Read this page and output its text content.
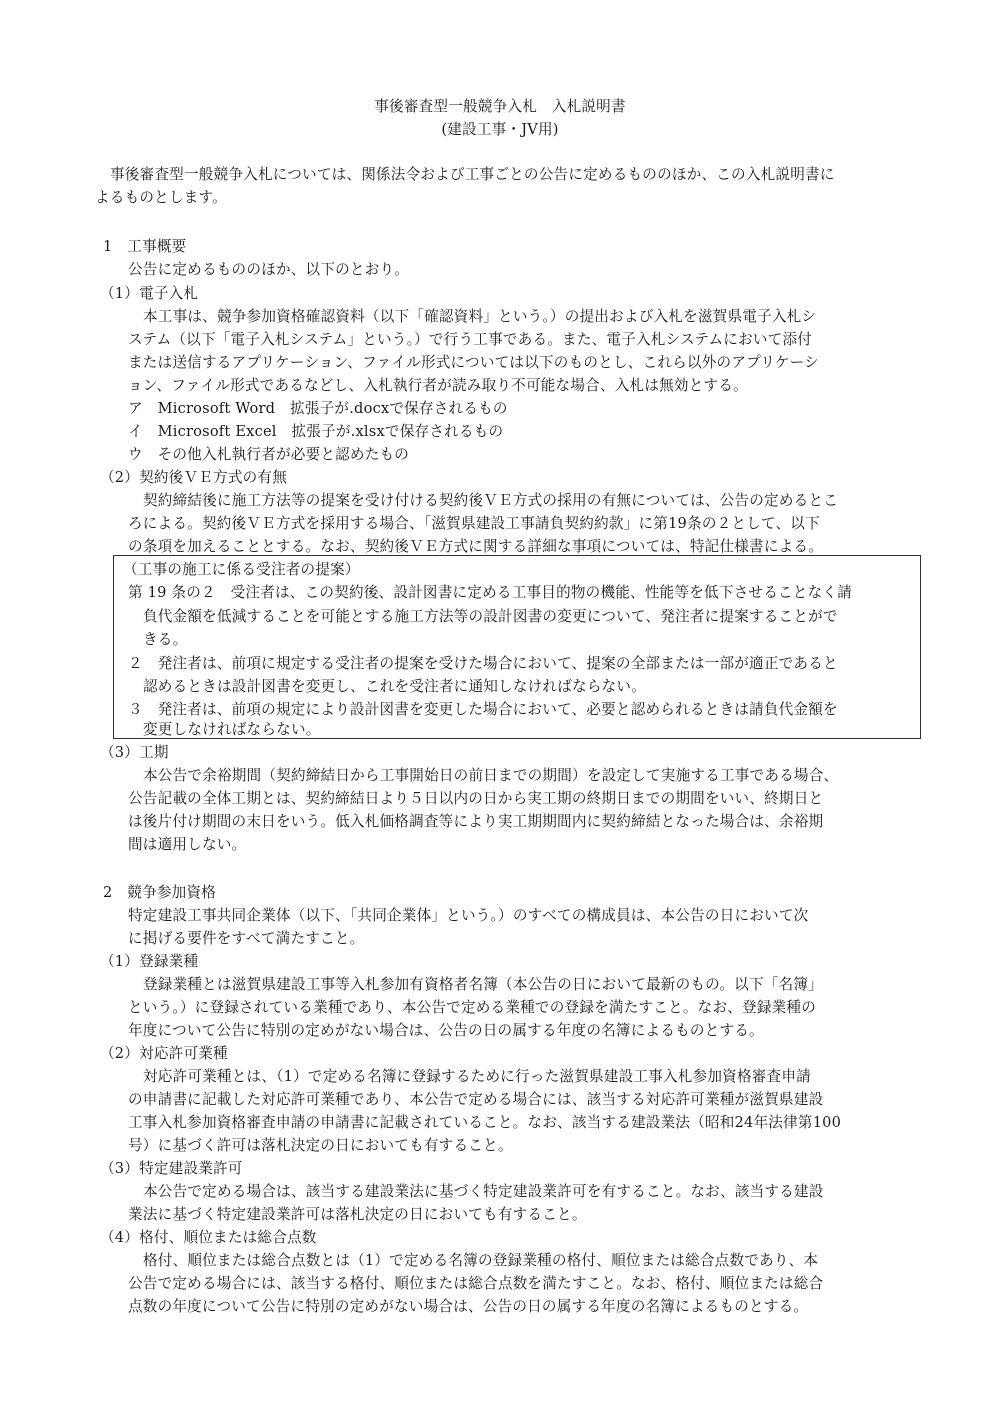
事後審査型一般競争入札　入札説明書
(建設工事・JV用)
事後審査型一般競争入札については、関係法令および工事ごとの公告に定めるもののほか、この入札説明書に
よるものとします。
1　工事概要
公告に定めるもののほか、以下のとおり。
（1）電子入札
本工事は、競争参加資格確認資料（以下「確認資料」という。）の提出および入札を滋賀県電子入札シ
ステム（以下「電子入札システム」という。）で行う工事である。また、電子入札システムにおいて添付
または送信するアプリケーション、ファイル形式については以下のものとし、これら以外のアプリケーシ
ョン、ファイル形式であるなどし、入札執行者が読み取り不可能な場合、入札は無効とする。
ア　Microsoft Word　拡張子が.docxで保存されるもの
イ　Microsoft Excel　拡張子が.xlsxで保存されるもの
ウ　その他入札執行者が必要と認めたもの
（2）契約後ＶＥ方式の有無
契約締結後に施工方法等の提案を受け付ける契約後ＶＥ方式の採用の有無については、公告の定めるとこ
ろによる。契約後ＶＥ方式を採用する場合、「滋賀県建設工事請負契約約款」に第19条の２として、以下
の条項を加えることとする。なお、契約後ＶＥ方式に関する詳細な事項については、特記仕様書による。
（工事の施工に係る受注者の提案）
第 19 条の２　受注者は、この契約後、設計図書に定める工事目的物の機能、性能等を低下させることなく請
負代金額を低減することを可能とする施工方法等の設計図書の変更について、発注者に提案することがで
きる。
２　発注者は、前項に規定する受注者の提案を受けた場合において、提案の全部または一部が適正であると
認めるときは設計図書を変更し、これを受注者に通知しなければならない。
３　発注者は、前項の規定により設計図書を変更した場合において、必要と認められるときは請負代金額を
変更しなければならない。
（3）工期
本公告で余裕期間（契約締結日から工事開始日の前日までの期間）を設定して実施する工事である場合、
公告記載の全体工期とは、契約締結日より５日以内の日から実工期の終期日までの期間をいい、終期日と
は後片付け期間の末日をいう。低入札価格調査等により実工期期間内に契約締結となった場合は、余裕期
間は適用しない。
2　競争参加資格
特定建設工事共同企業体（以下、「共同企業体」という。）のすべての構成員は、本公告の日において次
に掲げる要件をすべて満たすこと。
（1）登録業種
登録業種とは滋賀県建設工事等入札参加有資格者名簿（本公告の日において最新のもの。以下「名簿」
という。）に登録されている業種であり、本公告で定める業種での登録を満たすこと。なお、登録業種の
年度について公告に特別の定めがない場合は、公告の日の属する年度の名簿によるものとする。
（2）対応許可業種
対応許可業種とは、（1）で定める名簿に登録するために行った滋賀県建設工事入札参加資格審査申請
の申請書に記載した対応許可業種であり、本公告で定める場合には、該当する対応許可業種が滋賀県建設
工事入札参加資格審査申請の申請書に記載されていること。なお、該当する建設業法（昭和24年法律第100
号）に基づく許可は落札決定の日においても有すること。
（3）特定建設業許可
本公告で定める場合は、該当する建設業法に基づく特定建設業許可を有すること。なお、該当する建設
業法に基づく特定建設業許可は落札決定の日においても有すること。
（4）格付、順位または総合点数
格付、順位または総合点数とは（1）で定める名簿の登録業種の格付、順位または総合点数であり、本
公告で定める場合には、該当する格付、順位または総合点数を満たすこと。なお、格付、順位または総合
点数の年度について公告に特別の定めがない場合は、公告の日の属する年度の名簿によるものとする。
